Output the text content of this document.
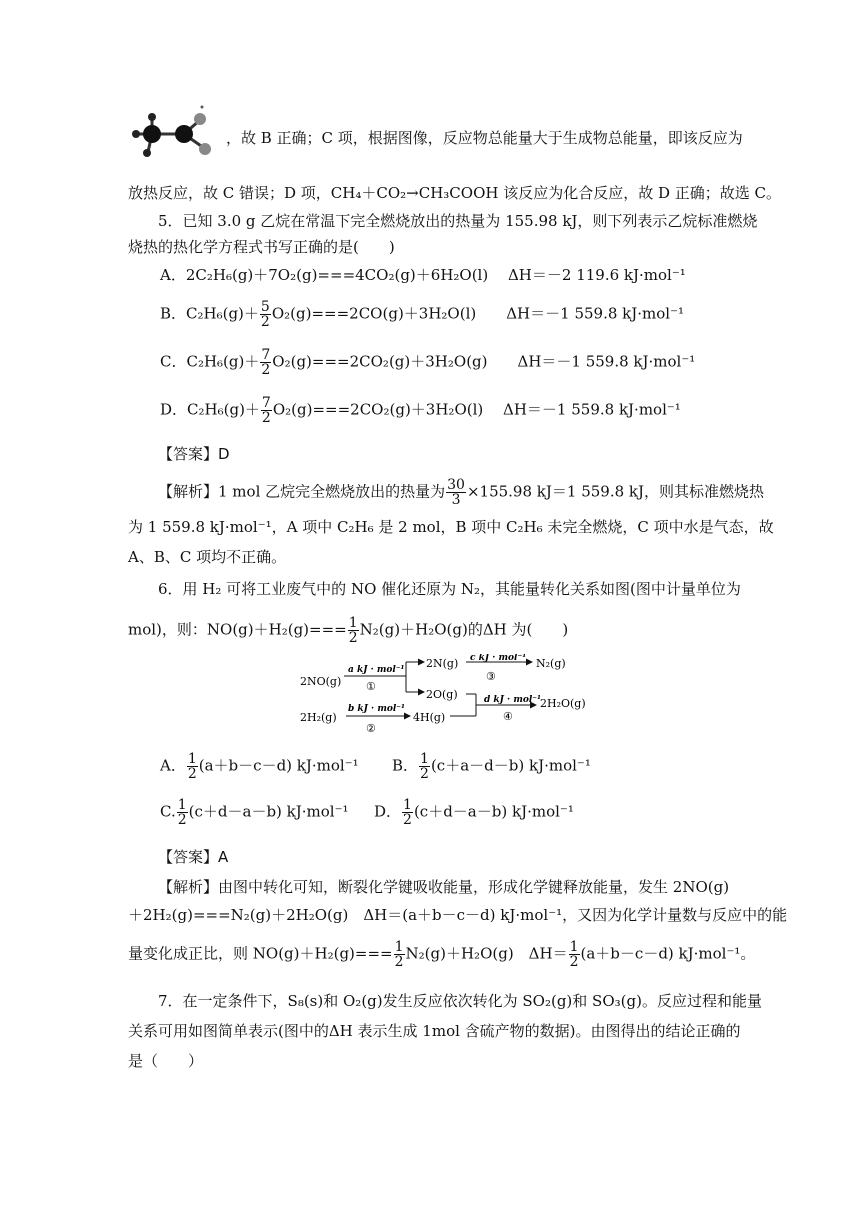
，故 B 正确；C 项，根据图像，反应物总能量大于生成物总能量，即该反应为
放热反应，故 C 错误；D 项，CH₄＋CO₂→CH₃COOH 该反应为化合反应，故 D 正确；故选 C。
5．已知 3.0 g 乙烷在常温下完全燃烧放出的热量为 155.98 kJ，则下列表示乙烷标准燃烧
烧热的热化学方程式书写正确的是(　　)
A．2C₂H₆(g)＋7O₂(g)===4CO₂(g)＋6H₂O(l)　 ΔH＝－2 119.6 kJ·mol⁻¹
B．$C_2H_6(g)+ \frac{5}{2} O_2(g)===2CO(g)+3H_2O(l)$　　ΔH＝－1 559.8 kJ·mol⁻¹
C．$C_2H_6(g)+ \frac{7}{2} O_2(g)===2CO_2(g)+3H_2O(g)$　　ΔH＝－1 559.8 kJ·mol⁻¹
D．$C_2H_6(g)+ \frac{7}{2} O_2(g)===2CO_2(g)+3H_2O(l)$　 ΔH＝－1 559.8 kJ·mol⁻¹
【答案】D
【解析】1 mol 乙烷完全燃烧放出的热量为 $\frac{30}{3} \times 155.98$ kJ＝1 559.8 kJ，则其标准燃烧热
为 1 559.8 kJ·mol⁻¹，A 项中 C₂H₆ 是 2 mol，B 项中 C₂H₆ 未完全燃烧，C 项中水是气态，故
A、B、C 项均不正确。
6．用 H₂ 可将工业废气中的 NO 催化还原为 N₂，其能量转化关系如图(图中计量单位为
mol)，则：$NO(g)+H_2(g)=== \frac{1}{2} N_2(g)+H_2O(g)$的ΔH 为(　　)
2NO(g)
2H₂(g)
2N(g)
2O(g)
4H(g)
N₂(g)
2H₂O(g)
a kJ · mol⁻¹
b kJ · mol⁻¹
c kJ · mol⁻¹
d kJ · mol⁻¹
①
②
③
④
A． $\frac{1}{2} (a+b-c-d)$ kJ·mol⁻¹ B． $\frac{1}{2} (c+a-d-b)$ kJ·mol⁻¹
C. $\frac{1}{2} (c+d-a-b)$ kJ·mol⁻¹ D． $\frac{1}{2} (c+d-a-b)$ kJ·mol⁻¹
【答案】A
【解析】由图中转化可知，断裂化学键吸收能量，形成化学键释放能量，发生 2NO(g)
＋2H₂(g)===N₂(g)＋2H₂O(g)　ΔH＝(a＋b－c－d) kJ·mol⁻¹，又因为化学计量数与反应中的能
量变化成正比，则 $NO(g)+H_2(g)=== \frac{1}{2} N_2(g)+H_2O(g)$　$\Delta H= \frac{1}{2} (a+b-c-d)$ kJ·mol⁻¹。
7．在一定条件下，S₈(s)和 O₂(g)发生反应依次转化为 SO₂(g)和 SO₃(g)。反应过程和能量
关系可用如图简单表示(图中的ΔH 表示生成 1mol 含硫产物的数据)。由图得出的结论正确的
是（　　）
